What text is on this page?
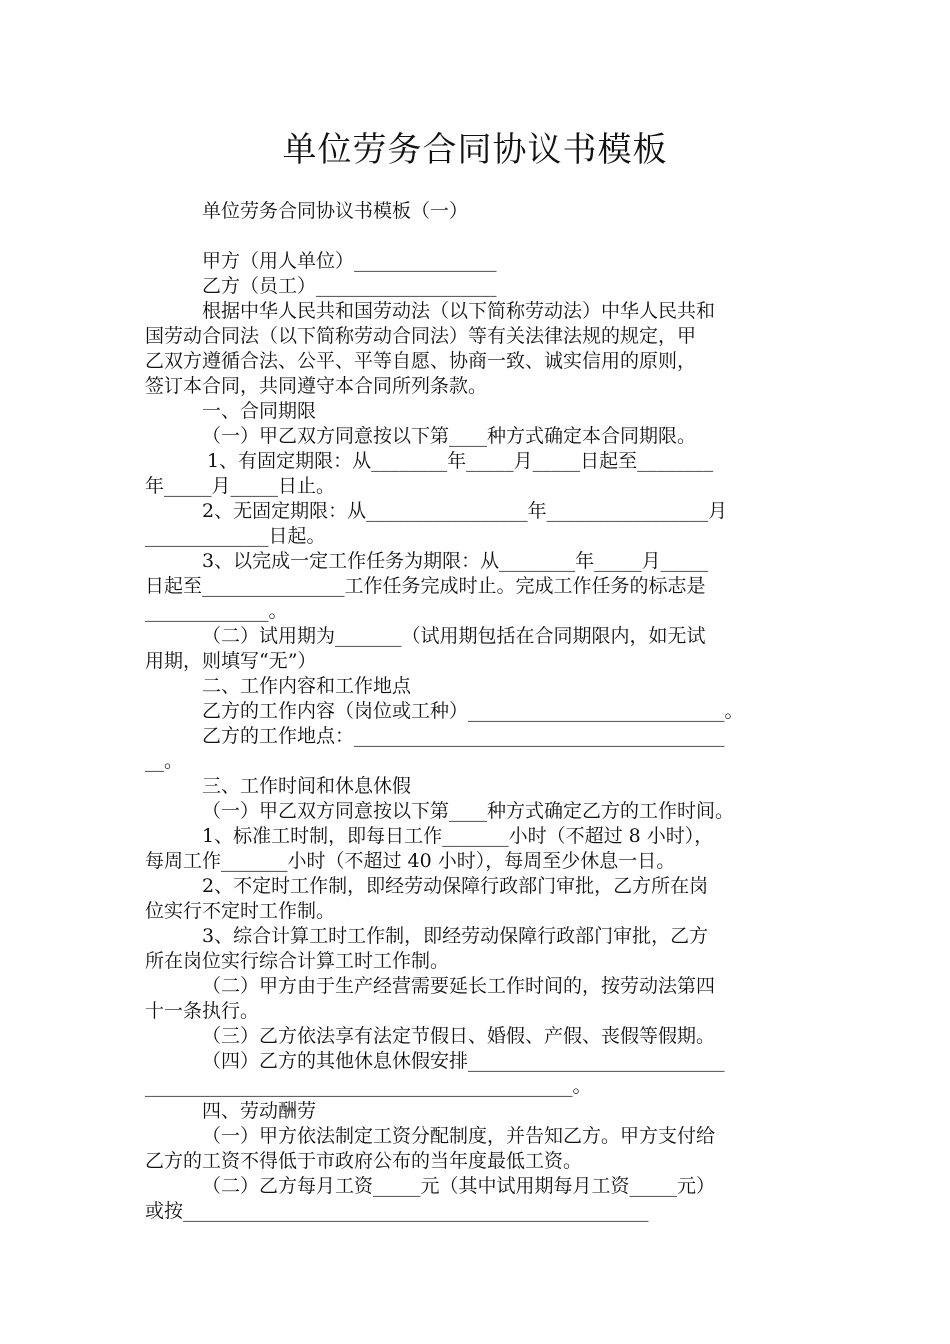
单位劳务合同协议书模板

单位劳务合同协议书模板（一）

甲方（用人单位）_______________

乙方（员工）___________________

根据中华人民共和国劳动法（以下简称劳动法）中华人民共和

国劳动合同法（以下简称劳动合同法）等有关法律法规的规定，甲

乙双方遵循合法、公平、平等自愿、协商一致、诚实信用的原则，

签订本合同，共同遵守本合同所列条款。

一、合同期限

（一）甲乙双方同意按以下第____种方式确定本合同期限。

1、有固定期限：从________年_____月_____日起至________

年_____月_____日止。

2、无固定期限：从_________________年_________________月

_____________日起。

3、以完成一定工作任务为期限：从________年_____月_____

日起至_______________工作任务完成时止。完成工作任务的标志是

_____________。

（二）试用期为_______（试用期包括在合同期限内，如无试

用期，则填写“无”）

二、工作内容和工作地点

乙方的工作内容（岗位或工种）___________________________。

乙方的工作地点：_______________________________________

__。

三、工作时间和休息休假

（一）甲乙双方同意按以下第____种方式确定乙方的工作时间。

1、标准工时制，即每日工作_______小时（不超过 8 小时），

每周工作_______小时（不超过 40 小时），每周至少休息一日。

2、不定时工作制，即经劳动保障行政部门审批，乙方所在岗

位实行不定时工作制。

3、综合计算工时工作制，即经劳动保障行政部门审批，乙方

所在岗位实行综合计算工时工作制。

（二）甲方由于生产经营需要延长工作时间的，按劳动法第四

十一条执行。

（三）乙方依法享有法定节假日、婚假、产假、丧假等假期。

（四）乙方的其他休息休假安排___________________________

_____________________________________________。

四、劳动酬劳

（一）甲方依法制定工资分配制度，并告知乙方。甲方支付给

乙方的工资不得低于市政府公布的当年度最低工资。

（二）乙方每月工资_____元（其中试用期每月工资_____元）

或按_________________________________________________
